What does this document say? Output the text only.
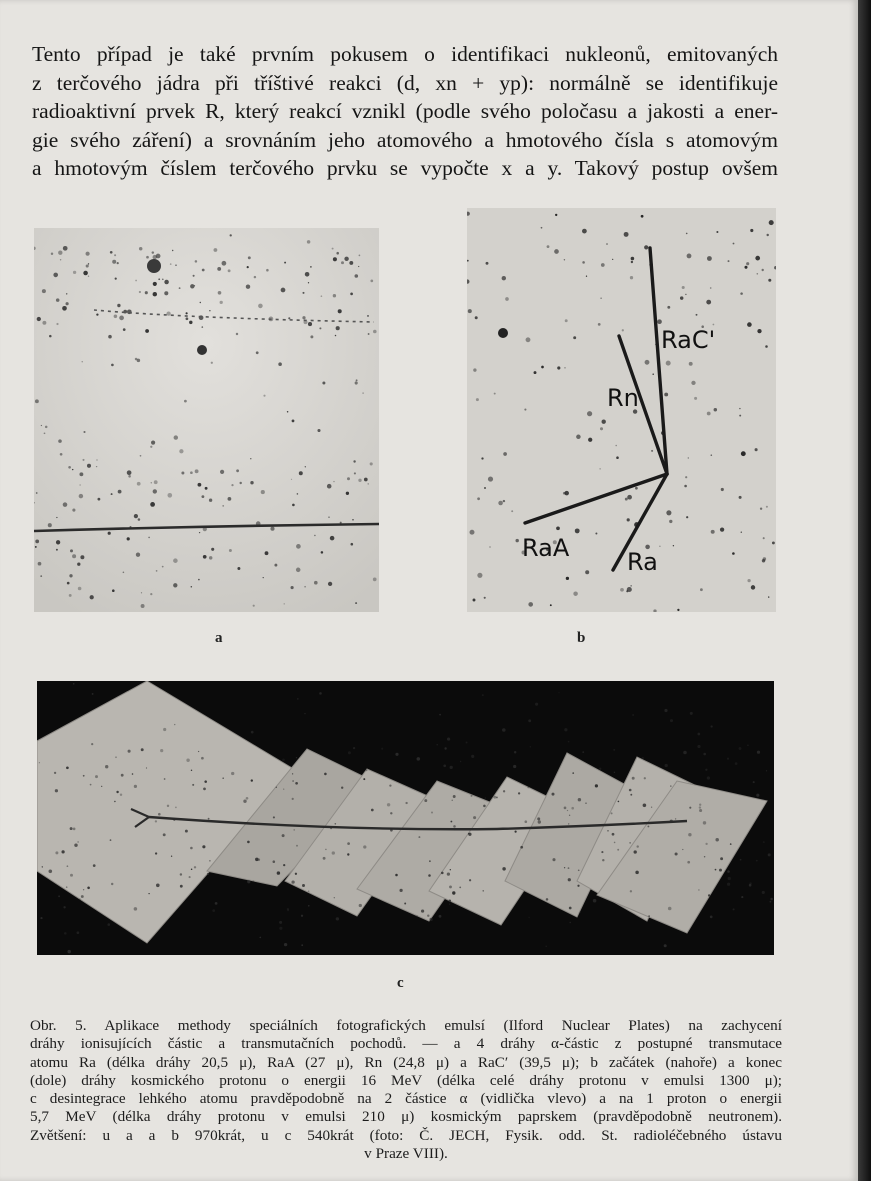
Tento případ je také prvním pokusem o identifikaci nukleonů, emitovaných
z terčového jádra při tříštivé reakci (d, xn + yp): normálně se identifikuje
radioaktivní prvek R, který reakcí vznikl (podle svého poločasu a jakosti a ener-
gie svého záření) a srovnáním jeho atomového a hmotového čísla s atomovým
a hmotovým číslem terčového prvku se vypočte x a y. Takový postup ovšem

a
RaC'
Rn
RaA Ra
b
c
Obr. 5. Aplikace methody speciálních fotografických emulsí (Ilford Nuclear Plates) na zachycení
dráhy ionisujících částic a transmutačních pochodů. — a 4 dráhy α-částic z postupné transmutace
atomu Ra (délka dráhy 20,5 μ), RaA (27 μ), Rn (24,8 μ) a RaC′ (39,5 μ); b začátek (nahoře) a konec
(dole) dráhy kosmického protonu o energii 16 MeV (délka celé dráhy protonu v emulsi 1300 μ);
c desintegrace lehkého atomu pravděpodobně na 2 částice α (vidlička vlevo) a na 1 proton o energii
5,7 MeV (délka dráhy protonu v emulsi 210 μ) kosmickým paprskem (pravděpodobně neutronem).
Zvětšení: u a a b 970krát, u c 540krát (foto: Č. JECH, Fysik. odd. St. radioléčebného ústavu
v Praze VIII).
